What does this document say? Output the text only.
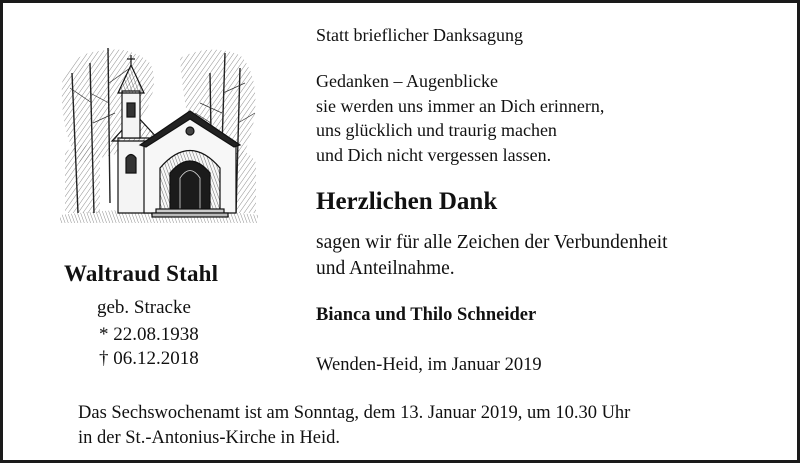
Waltraud Stahl
geb. Stracke
* 22.08.1938
† 06.12.2018
Statt brieflicher Danksagung
Gedanken – Augenblicke
sie werden uns immer an Dich erinnern,
uns glücklich und traurig machen
und Dich nicht vergessen lassen.
Herzlichen Dank
sagen wir für alle Zeichen der Verbundenheit
und Anteilnahme.
Bianca und Thilo Schneider
Wenden-Heid, im Januar 2019
Das Sechswochenamt ist am Sonntag, dem 13. Januar 2019, um 10.30 Uhr
in der St.-Antonius-Kirche in Heid.
